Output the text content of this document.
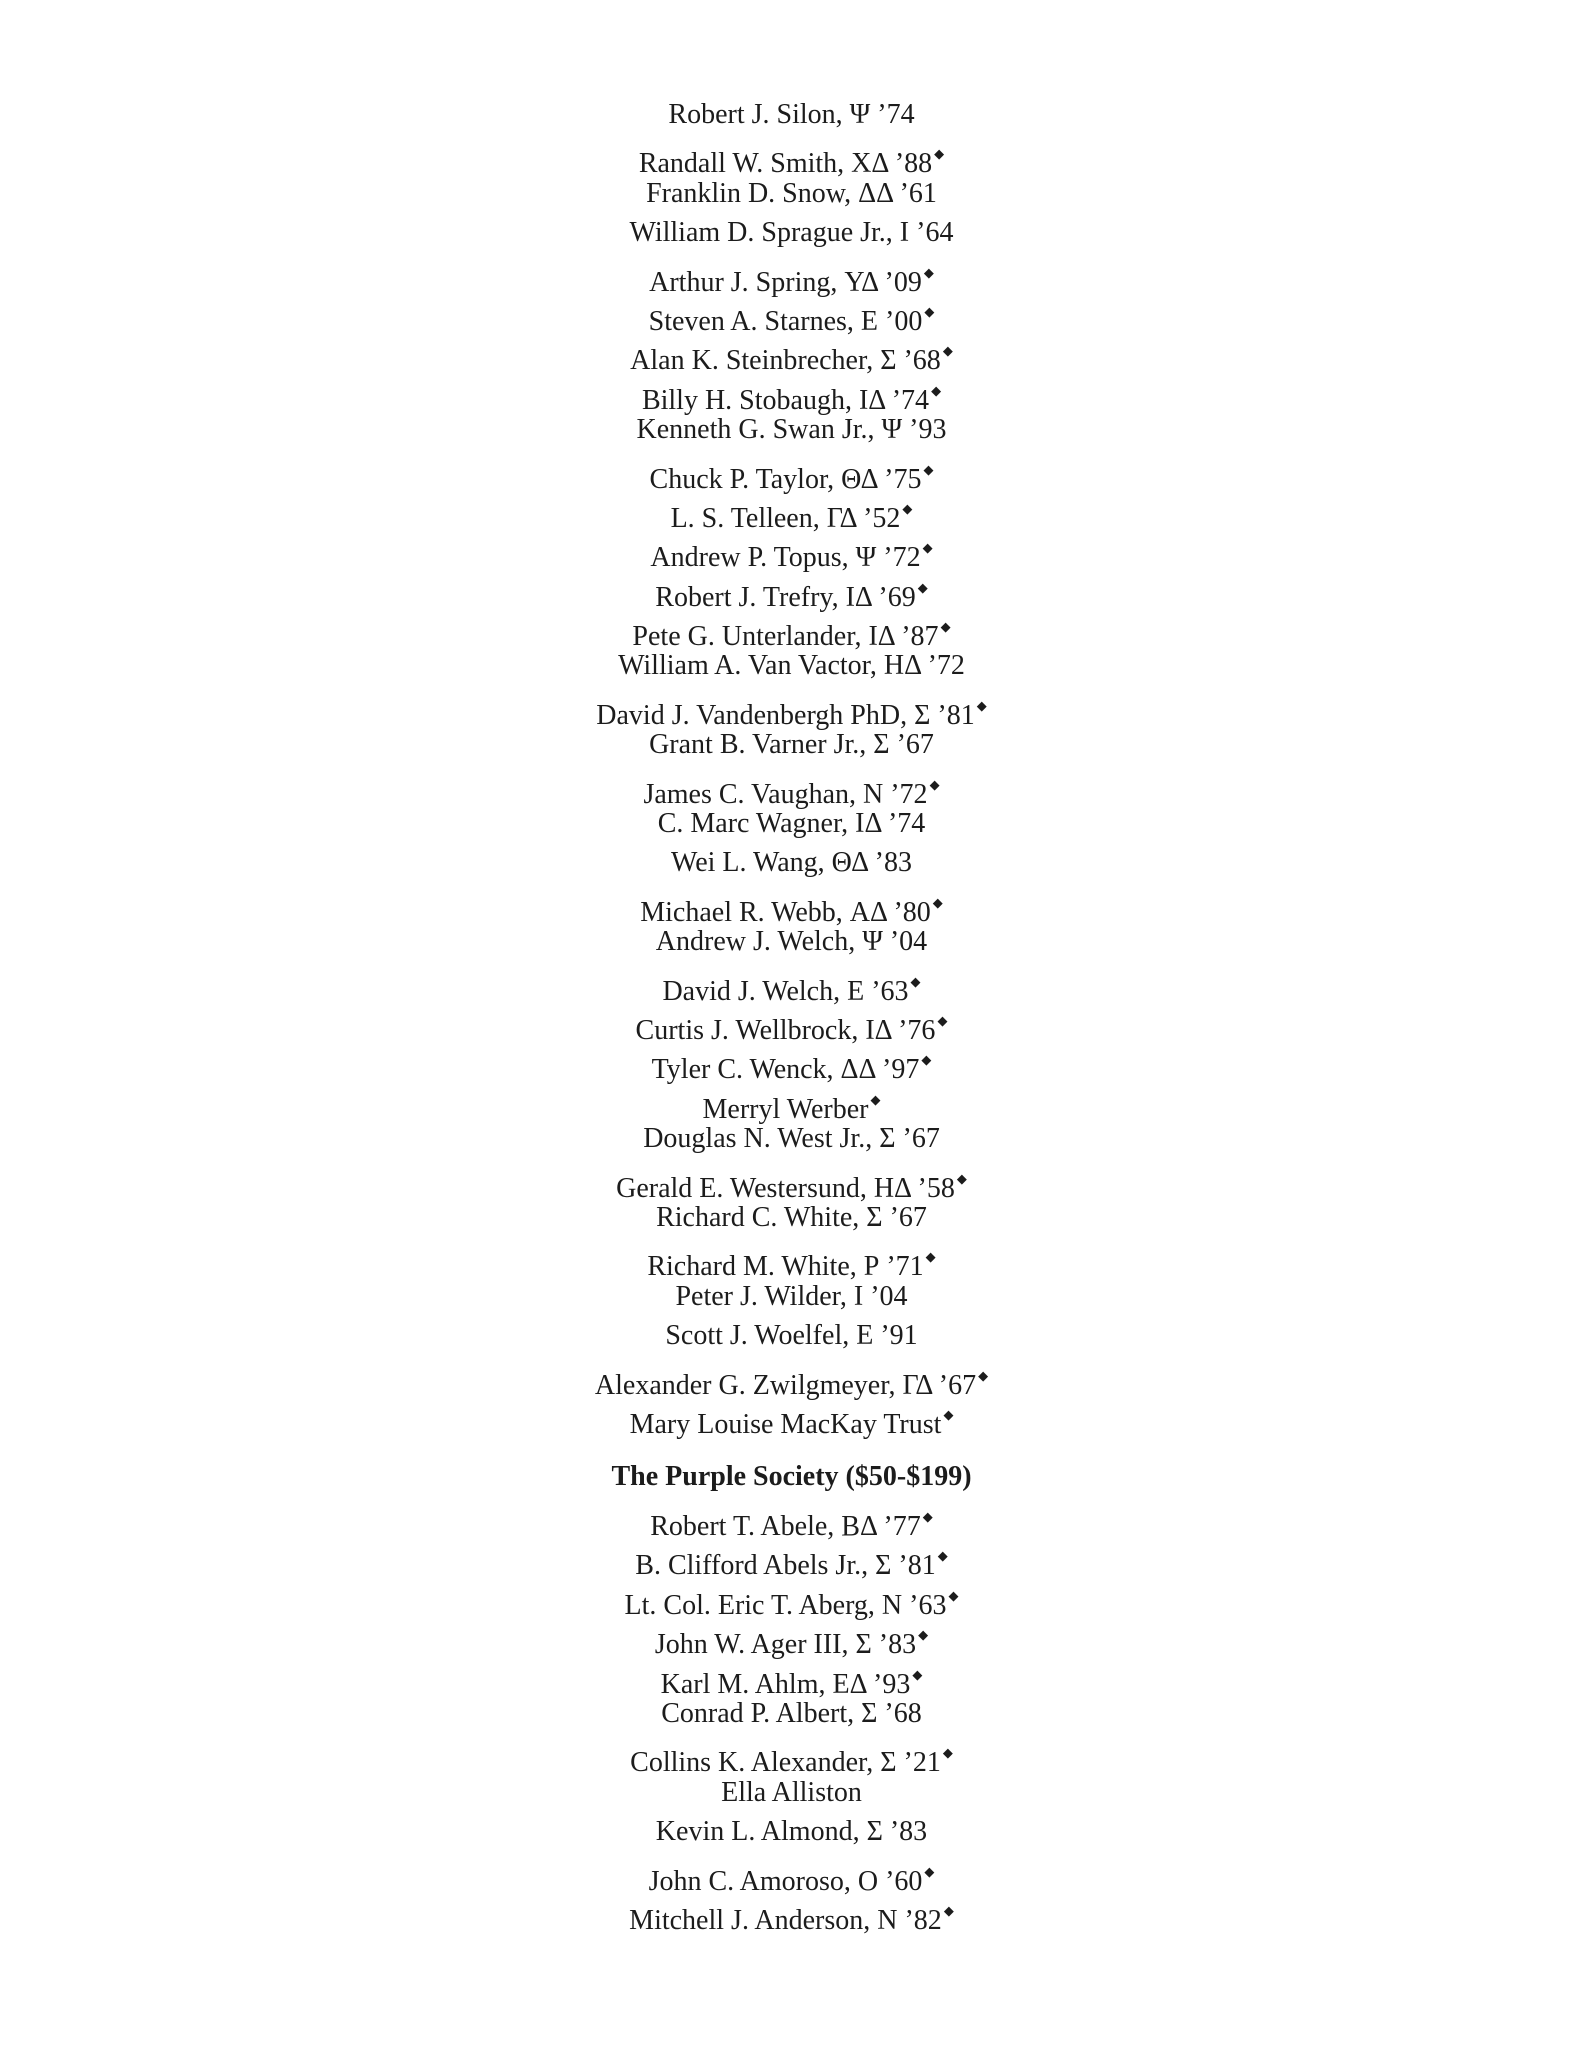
Robert J. Silon, Ψ ’74
Randall W. Smith, ΧΔ ’88 ◆
Franklin D. Snow, ΔΔ ’61
William D. Sprague Jr., Ι ’64
Arthur J. Spring, ΥΔ ’09 ◆
Steven A. Starnes, Ε ’00 ◆
Alan K. Steinbrecher, Σ ’68 ◆
Billy H. Stobaugh, ΙΔ ’74 ◆
Kenneth G. Swan Jr., Ψ ’93
Chuck P. Taylor, ΘΔ ’75 ◆
L. S. Telleen, ΓΔ ’52 ◆
Andrew P. Topus, Ψ ’72 ◆
Robert J. Trefry, ΙΔ ’69 ◆
Pete G. Unterlander, ΙΔ ’87 ◆
William A. Van Vactor, ΗΔ ’72
David J. Vandenbergh PhD, Σ ’81 ◆
Grant B. Varner Jr., Σ ’67
James C. Vaughan, Ν ’72 ◆
C. Marc Wagner, ΙΔ ’74
Wei L. Wang, ΘΔ ’83
Michael R. Webb, ΑΔ ’80 ◆
Andrew J. Welch, Ψ ’04
David J. Welch, Ε ’63 ◆
Curtis J. Wellbrock, ΙΔ ’76 ◆
Tyler C. Wenck, ΔΔ ’97 ◆
Merryl Werber ◆
Douglas N. West Jr., Σ ’67
Gerald E. Westersund, ΗΔ ’58 ◆
Richard C. White, Σ ’67
Richard M. White, Ρ ’71 ◆
Peter J. Wilder, Ι ’04
Scott J. Woelfel, Ε ’91
Alexander G. Zwilgmeyer, ΓΔ ’67 ◆
Mary Louise MacKay Trust ◆
The Purple Society ($50-$199)
Robert T. Abele, ΒΔ ’77 ◆
B. Clifford Abels Jr., Σ ’81 ◆
Lt. Col. Eric T. Aberg, Ν ’63 ◆
John W. Ager III, Σ ’83 ◆
Karl M. Ahlm, ΕΔ ’93 ◆
Conrad P. Albert, Σ ’68
Collins K. Alexander, Σ ’21 ◆
Ella Alliston
Kevin L. Almond, Σ ’83
John C. Amoroso, Ο ’60 ◆
Mitchell J. Anderson, Ν ’82 ◆
